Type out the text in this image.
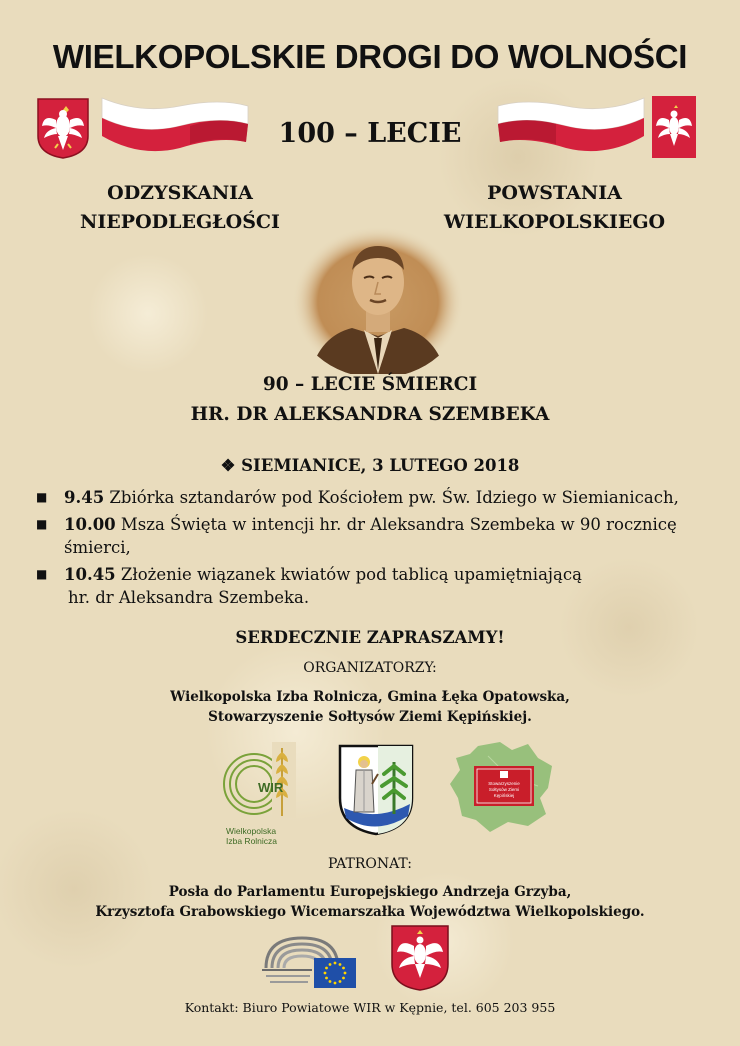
WIELKOPOLSKIE DROGI DO WOLNOŚCI
100 – LECIE
ODZYSKANIA
NIEPODLEGŁOŚCI
POWSTANIA
WIELKOPOLSKIEGO
90 – LECIE ŚMIERCI
HR. DR ALEKSANDRA SZEMBEKA
❖ SIEMIANICE, 3 LUTEGO 2018
■ 9.45 Zbiórka sztandarów pod Kościołem pw. Św. Idziego w Siemianicach,
■ 10.00 Msza Święta w intencji hr. dr Aleksandra Szembeka w 90 rocznicę śmierci,
■ 10.45 Złożenie wiązanek kwiatów pod tablicą upamiętniającą
hr. dr Aleksandra Szembeka.
SERDECZNIE ZAPRASZAMY!
ORGANIZATORZY:
Wielkopolska Izba Rolnicza, Gmina Łęka Opatowska,
Stowarzyszenie Sołtysów Ziemi Kępińskiej.
WIR
Wielkopolska
Izba Rolnicza
Stowarzyszenie
Sołtysów Ziemi
Kępińskiej
PATRONAT:
Posła do Parlamentu Europejskiego Andrzeja Grzyba,
Krzysztofa Grabowskiego Wicemarszałka Województwa Wielkopolskiego.
Kontakt: Biuro Powiatowe WIR w Kępnie, tel. 605 203 955
